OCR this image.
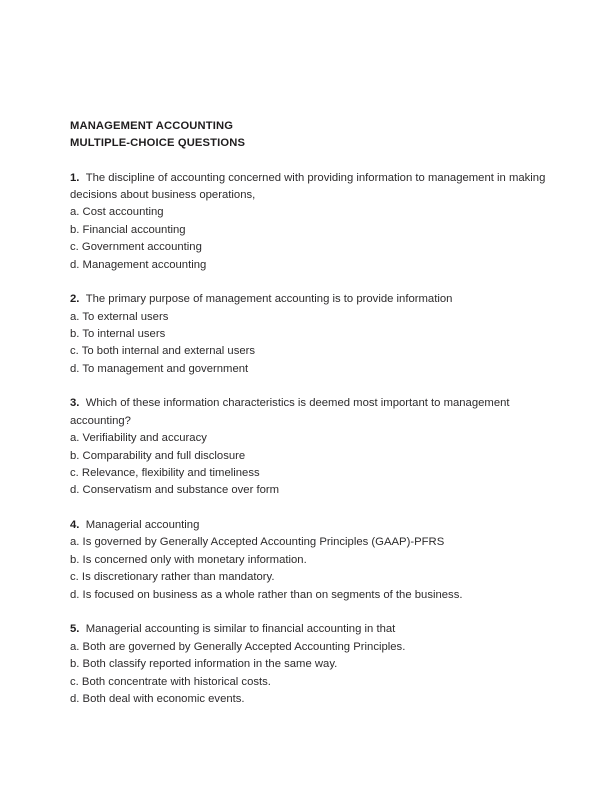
MANAGEMENT ACCOUNTING
MULTIPLE-CHOICE QUESTIONS

1. The discipline of accounting concerned with providing information to management in making decisions about business operations,

a. Cost accounting
b. Financial accounting
c. Government accounting
d. Management accounting

2. The primary purpose of management accounting is to provide information

a. To external users
b. To internal users
c. To both internal and external users
d. To management and government

3. Which of these information characteristics is deemed most important to management accounting?

a. Verifiability and accuracy
b. Comparability and full disclosure
c. Relevance, flexibility and timeliness
d. Conservatism and substance over form

4. Managerial accounting

a. Is governed by Generally Accepted Accounting Principles (GAAP)-PFRS
b. Is concerned only with monetary information.
c. Is discretionary rather than mandatory.
d. Is focused on business as a whole rather than on segments of the business.

5. Managerial accounting is similar to financial accounting in that

a. Both are governed by Generally Accepted Accounting Principles.
b. Both classify reported information in the same way.
c. Both concentrate with historical costs.
d. Both deal with economic events.
